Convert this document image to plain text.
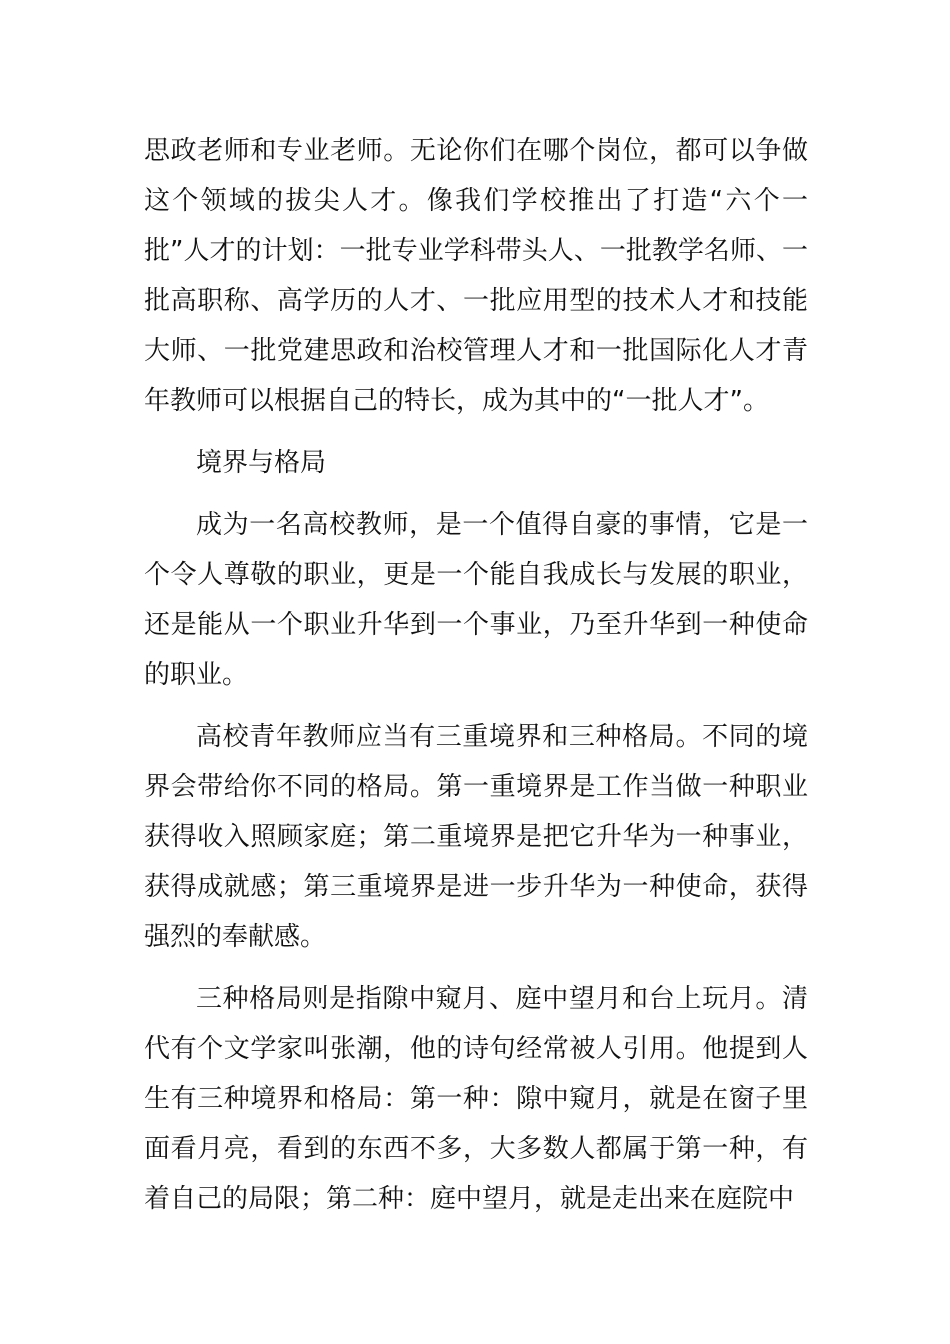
思政老师和专业老师。无论你们在哪个岗位，都可以争做这个领域的拔尖人才。像我们学校推出了打造“六个一批”人才的计划：一批专业学科带头人、一批教学名师、一批高职称、高学历的人才、一批应用型的技术人才和技能大师、一批党建思政和治校管理人才和一批国际化人才青年教师可以根据自己的特长，成为其中的“一批人才”。

境界与格局

成为一名高校教师，是一个值得自豪的事情，它是一个令人尊敬的职业，更是一个能自我成长与发展的职业，还是能从一个职业升华到一个事业，乃至升华到一种使命的职业。

高校青年教师应当有三重境界和三种格局。不同的境界会带给你不同的格局。第一重境界是工作当做一种职业获得收入照顾家庭；第二重境界是把它升华为一种事业，获得成就感；第三重境界是进一步升华为一种使命，获得强烈的奉献感。

三种格局则是指隙中窥月、庭中望月和台上玩月。清代有个文学家叫张潮，他的诗句经常被人引用。他提到人生有三种境界和格局：第一种：隙中窥月，就是在窗子里面看月亮，看到的东西不多，大多数人都属于第一种，有着自己的局限；第二种：庭中望月，就是走出来在庭院中
